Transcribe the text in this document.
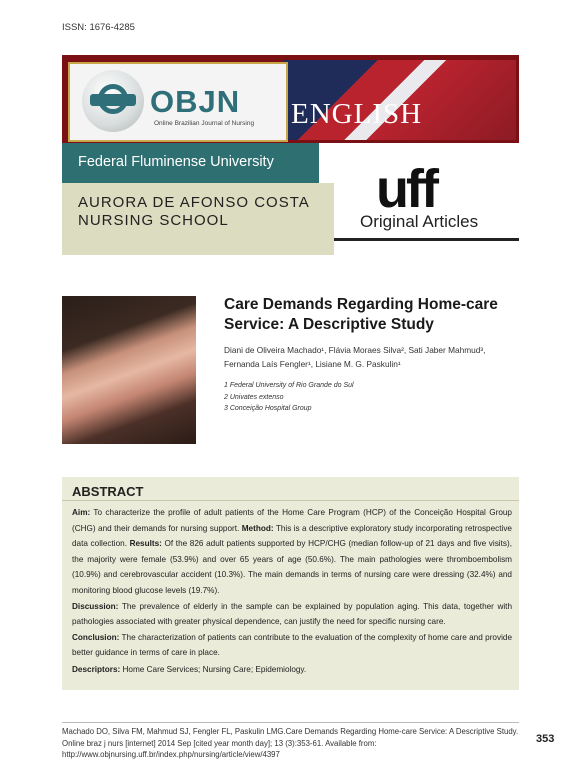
ISSN: 1676-4285
OBJN
Online Brazilian Journal of Nursing ENGLISH
Federal Fluminense University
AURORA DE AFONSO COSTA
NURSING SCHOOL
uff
Original Articles
Care Demands Regarding Home-care Service: A Descriptive Study
Diani de Oliveira Machado¹, Flávia Moraes Silva², Sati Jaber Mahmud³,
Fernanda Laís Fengler¹, Lisiane M. G. Paskulin¹
1 Federal University of Rio Grande do Sul
2 Univates extenso
3 Conceição Hospital Group
ABSTRACT
Aim: To characterize the profile of adult patients of the Home Care Program (HCP) of the Conceição Hospital Group (CHG) and their demands for nursing support. Method: This is a descriptive exploratory study incorporating retrospective data collection. Results: Of the 826 adult patients supported by HCP/CHG (median follow-up of 21 days and five visits), the majority were female (53.9%) and over 65 years of age (50.6%). The main pathologies were thromboembolism (10.9%) and cerebrovascular accident (10.3%). The main demands in terms of nursing care were dressing (32.4%) and monitoring blood glucose levels (19.7%).
Discussion: The prevalence of elderly in the sample can be explained by population aging. This data, together with pathologies associated with greater physical dependence, can justify the need for specific nursing care.
Conclusion: The characterization of patients can contribute to the evaluation of the complexity of home care and provide better guidance in terms of care in place.
Descriptors: Home Care Services; Nursing Care; Epidemiology.
Machado DO, Silva FM, Mahmud SJ, Fengler FL, Paskulin LMG.Care Demands Regarding Home-care Service: A Descriptive Study. Online braz j nurs [internet] 2014 Sep [cited year month day]; 13 (3):353-61. Available from: http://www.objnursing.uff.br/index.php/nursing/article/view/4397
353
